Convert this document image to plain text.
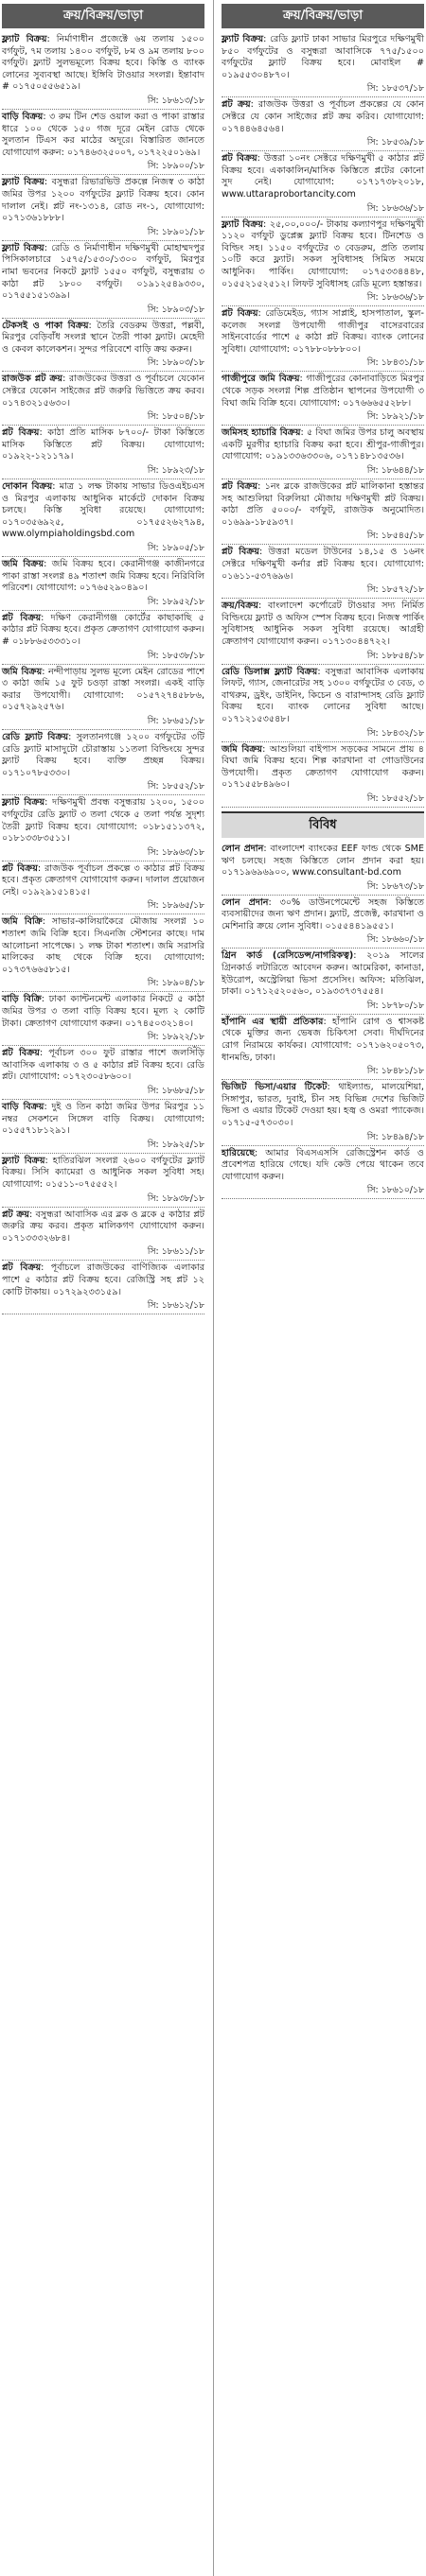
ক্রয়/বিক্রয়/ভাড়া
ফ্ল্যাট বিক্রয়: নির্মাণাধীন প্রজেক্টে ৬য় তলায় ১৫০০ বর্গফুট, ৭ম তলায় ১৪০০ বর্গফুট, ৮ম ও ৯ম তলায় ৮০০ বর্গফুট। ফ্ল্যাট সুলভমূল্যে বিক্রয় হবে। কিস্তি ও ব্যাংক লোনের সুব্যবস্থা আছে। ইঙ্গিবি টাওয়ার সংলগ্ন। ইন্তাবাদ # ০১৭৫০৫৫৬৫১৯।
সি: ১৮৬১৩/১৮
বাড়ি বিক্রয়: ৩ রুম টিন শেড ওয়াল করা ও পাকা রাস্তার ধারে ১০০ থেকে ১৫০ গজ দূরে মেইন রোড থেকে সুলতান টিএস কর মাঠের অদূরে। বিস্তারিত জানতে যোগাযোগ করুন: ০১৭৪৬৩২৫০০৭, ০১৭২২৫০১৬৯।
সি: ১৮৯০০/১৮
ফ্ল্যাট বিক্রয়: বসুন্ধরা রিভারভিউ প্রকল্পে নিজস্ব ৩ কাঠা জমির উপর ১২০০ বর্গফুটের ফ্ল্যাট বিক্রয় হবে। কোন দালাল নেই। প্লট নং-১৩১৪, রোড নং-১, যোগাযোগ: ০১৭১৩৬১৮৮৮।
সি: ১৮৯০১/১৮
ফ্ল্যাট বিক্রয়: রেডি ও নির্মাণাধীন দক্ষিণমুখী মোহাম্মদপুর পিসিকালচারে ১৫৭৫/১৫৩০/১৩০০ বর্গফুট, মিরপুর নামা ভবনের নিকটে ফ্ল্যাট ১৫৫০ বর্গফুট, বসুন্ধরায় ৩ কাঠা প্লট ১৮০০ বর্গফুট। ০১৯১২৫৪৯৩৩০, ০১৭৫৫১৫১৩৯৯।
সি: ১৮৯০৩/১৮
টেকসই ও পাকা বিক্রয়: তৈরি বেডরুম উত্তরা, পল্লবী, মিরপুর বেড়িবাঁধ সংলগ্ন স্থানে তৈরী পাকা ফ্ল্যাট। মেহেদী ও কেবল কালেকশন। সুন্দর পরিবেশে বাড়ি ক্রয় করুন।
সি: ১৮৯০৩/১৮
রাজউক প্লট ক্রয়: রাজউকের উত্তরা ও পূর্বাচলে যেকোন সেক্টরে যেকোন সাইজের প্লট জরুরি ভিত্তিতে ক্রয় করব। ০১৭৪৩২১৫৬৩০।
সি: ১৮৫০৪/১৮
প্লট বিক্রয়: কাঠা প্রতি মাসিক ৮৭০০/- টাকা কিস্তিতে মাসিক কিস্তিতে প্লট বিক্রয়। যোগাযোগ: ০১৯২২-১২১১৭৯।
সি: ১৮৯২৩/১৮
দোকান বিক্রয়: মাত্র ১ লক্ষ টাকায় সাভার ডিওএইচএস ও মিরপুর এলাকায় আধুনিক মার্কেটে দোকান বিক্রয় চলছে। কিস্তি সুবিধা রয়েছে। যোগাযোগ: ০১৭০৩৫৬৯২৫, ০১৭৫৫২৬২৭৯৪, www.olympiaholdingsbd.com
সি: ১৮৯০৫/১৮
জমি বিক্রয়: জমি বিক্রয় হবে। কেরানীগঞ্জ কাজীনগরে পাকা রাস্তা সংলগ্ন ৪৯ শতাংশ জমি বিক্রয় হবে। নিরিবিলি পরিবেশ। যোগাযোগ: ০১৭৬৫২৯০৪৯০।
সি: ১৮৯৫২/১৮
প্লট বিক্রয়: দক্ষিণ কেরানীগঞ্জ কোর্টের কাছাকাছি ৫ কাঠার প্লট বিক্রয় হবে। প্রকৃত ক্রেতাগণ যোগাযোগ করুন। # ০১৮৮৬৫৩৩৩১০।
সি: ১৮৫৩৮/১৮
জমি বিক্রয়: নন্দীপাড়ায় সুলভ মূল্যে মেইন রোডের পাশে ৩ কাঠা জমি ১৫ ফুট চওড়া রাস্তা সংলগ্ন। একই বাড়ি করার উপযোগী। যোগাযোগ: ০১৫৭২৭৪৫৮৮৬, ০১৫৭২৯২৫৭৬।
সি: ১৮৬৫১/১৮
রেডি ফ্ল্যাট বিক্রয়: সুলতানগঞ্জে ১২০০ বর্গফুটের ৩টি রেডি ফ্ল্যাট মাসাদুটো চৌরাস্তায় ১১তলা বিল্ডিংয়ে সুন্দর ফ্ল্যাট বিক্রয় হবে। ব্যক্তি প্রচ্ছন্ন বিক্রয়। ০১৭১০৭৮৫৩৩০।
সি: ১৮৫৫২/১৮
ফ্ল্যাট বিক্রয়: দক্ষিণমুখী প্রবন্ধ বসুন্ধরায় ১২০০, ১৫০০ বর্গফুটের রেডি ফ্ল্যাট ৩ তলা থেকে ৫ তলা পর্যন্ত সুদৃশ্য তৈরী ফ্ল্যাট বিক্রয় হবে। যোগাযোগ: ০১৮১৫১১৩৭২, ০১৮১৩৩৮৩৫১১।
সি: ১৮৯৬৩/১৮
প্লট বিক্রয়: রাজউক পূর্বাচল প্রকল্পে ৩ কাঠার প্লট বিক্রয় হবে। প্রকৃত ক্রেতাগণ যোগাযোগ করুন। দালাল প্রয়োজন নেই। ০১৯২৯১৫১৪১৫।
সি: ১৮৯৬৫/১৮
জমি বিক্রি: সাভার-কালিয়াকৈরে মৌজায় সংলগ্ন ১০ শতাংশ জমি বিক্রি হবে। সিএনজি স্টেশনের কাছে। দাম আলোচনা সাপেক্ষে। ১ লক্ষ টাকা শতাংশ। জমি সরাসরি মালিকের কাছ থেকে বিক্রি হবে। যোগাযোগ: ০১৭৩৭৬৬৫৮১৫।
সি: ১৮৯০৪/১৮
বাড়ি বিক্রি: ঢাকা ক্যান্টনমেন্ট এলাকার নিকটে ৫ কাঠা জমির উপর ৩ তলা বাড়ি বিক্রয় হবে। মূল্য ২ কোটি টাকা। ক্রেতাগণ যোগাযোগ করুন। ০১৭৪৫০৩২১৪০।
সি: ১৮৯২২/১৮
প্লট বিক্রয়: পূর্বাচল ৩০০ ফুট রাস্তার পাশে জলসিঁড়ি আবাসিক এলাকায় ৩ ও ৫ কাঠার প্লট বিক্রয় হবে। রেডি প্লট। যোগাযোগ: ০১৭২৩০৫৮৬০০।
সি: ১৮৬৮৫/১৮
বাড়ি বিক্রয়: দুই ও তিন কাঠা জমির উপর মিরপুর ১১ নম্বর সেকশনে সিঙ্গেল বাড়ি বিক্রয়। যোগাযোগ: ০১৫৫৭১৮১২৯১।
সি: ১৮৯২৫/১৮
ফ্ল্যাট বিক্রয়: হাতিরঝিল সংলগ্ন ২৬০০ বর্গফুটের ফ্ল্যাট বিক্রয়। সিসি ক্যামেরা ও আধুনিক সকল সুবিধা সহ। যোগাযোগ: ০১৫১১-০৭৫৫৫২।
সি: ১৮৯৩৮/১৮
প্লট ক্রয়: বসুন্ধরা আবাসিক এর ব্লক ও ব্লকে ৫ কাঠার প্লট জরুরি ক্রয় করব। প্রকৃত মালিকগণ যোগাযোগ করুন। ০১৭১৩৩৩২৬৮৪।
সি: ১৮৬১১/১৮
প্লট বিক্রয়: পূর্বাচলে রাজউকের বাণিজ্যিক এলাকার পাশে ৫ কাঠার প্লট বিক্রয় হবে। রেজিস্ট্রি সহ প্লট ১২ কোটি টাকায়। ০১৭২৯২৩৩১৫৯।
সি: ১৮৬১২/১৮
ক্রয়/বিক্রয়/ভাড়া
ফ্ল্যাট বিক্রয়: রেডি ফ্ল্যাট ঢাকা সাভার মিরপুরে দক্ষিণমুখী ৮৫০ বর্গফুটের ও বসুন্ধরা আবাসিকে ৭৭৫/১৫০০ বর্গফুটের ফ্ল্যাট বিক্রয় হবে। মোবাইল # ০১৯৫৫৩০৪৮৭০।
সি: ১৮৫৩৭/১৮
প্লট ক্রয়: রাজউক উত্তরা ও পূর্বাচল প্রকল্পের যে কোন সেক্টরে যে কোন সাইজের প্লট ক্রয় করিব। যোগাযোগ: ০১৭৪৪৬৪৫৬৪।
সি: ১৮৫৩৯/১৮
প্লট বিক্রয়: উত্তরা ১০নং সেক্টরে দক্ষিণমুখী ৫ কাঠার প্লট বিক্রয় হবে। একাকালিন/মাসিক কিস্তিতে প্লটের কোনো সুদ নেই। যোগাযোগ: ০১৭১৭৩৮২০১৮, www.uttaraprobortancity.com
সি: ১৮৬৩৬/১৮
ফ্ল্যাট বিক্রয়: ২৫,০০,০০০/- টাকায় কল্যাণপুর দক্ষিণমুখী ১১২০ বর্গফুট ডুপ্লেক্স ফ্ল্যাট বিক্রয় হবে। টিনশেড ও বিল্ডিং সহ। ১১৫০ বর্গফুটের ৩ বেডরুম, প্রতি তলায় ১০টি করে ফ্ল্যাট। সকল সুবিধাসহ সিমিত সময়ে আধুনিক। পার্কিং। যোগাযোগ: ০১৭৫৩৩৪৪৪৮, ০১৫৫২১৫২৫১২। লিফট সুবিধাসহ রেডি মূল্যে হস্তান্তর।
সি: ১৮৬৩৬/১৮
প্লট বিক্রয়: রেডিমেইড, গ্যাস সাপ্লাই, হাসপাতাল, স্কুল-কলেজ সংলগ্ন উপযোগী গাজীপুর বাসেরবারের সাইনবোর্ডের পাশে ৫ কাঠা প্লট বিক্রয়। ব্যাংক লোনের সুবিধা। যোগাযোগ: ০১৭৮৮০৮৮৮০০।
সি: ১৮৪৩১/১৮
গাজীপুরে জমি বিক্রয়: গাজীপুরের কোনাবাড়িতে মিরপুর থেকে সড়ক সংলগ্ন শিল্প প্রতিষ্ঠান স্থাপনের উপযোগী ৩ বিঘা জমি বিক্রি হবে। যোগাযোগ: ০১৭৬৬৬৫৫২৮৮।
সি: ১৮৯২১/১৮
জমিসহ হ্যাচারি বিক্রয়: ৫ বিঘা জমির উপর চালু অবস্থায় একটি মুরগীর হ্যাচারি বিক্রয় করা হবে। শ্রীপুর-গাজীপুর। যোগাযোগ: ০১৯১৩৩৬৩৩০৬, ০১৭১৪৮১৩৫৩৬।
সি: ১৮৬৪৪/১৮
প্লট বিক্রয়: ১নং ব্লকে রাজউকের প্লট মালিকানা হস্তান্তর সহ আশুলিয়া বিরুলিয়া মৌজায় দক্ষিণমুখী প্লট বিক্রয়। কাঠা প্রতি ৫০০০/- বর্গফুট, রাজউক অনুমোদিত। ০১৬৯৯-১৮৫৯৩৭।
সি: ১৮৫৪৫/১৮
প্লট বিক্রয়: উত্তরা মডেল টাউনের ১৪,১৫ ও ১৬নং সেক্টরে দক্ষিণমুখী কর্নার প্লট বিক্রয় হবে। যোগাযোগ: ০১৬১১-৫৩৭৬৯৬।
সি: ১৮৫৭২/১৮
ক্রয়/বিক্রয়: বাংলাদেশ কর্পোরেট টাওয়ার সদ্য নির্মিত বিল্ডিংয়ে ফ্ল্যাট ও অফিস স্পেস বিক্রয় হবে। নিজস্ব পার্কিং সুবিধাসহ আধুনিক সকল সুবিধা রয়েছে। আগ্রহী ক্রেতাগণ যোগাযোগ করুন। ০১৭১৩০৪৪৭২২।
সি: ১৮৮৫৪/১৮
রেডি ডিলাক্স ফ্ল্যাট বিক্রয়: বসুন্ধরা আবাসিক এলাকায় লিফট, গ্যাস, জেনারেটর সহ ১৩০০ বর্গফুটের ৩ বেড, ৩ বাথরুম, ড্রইং, ডাইনিং, কিচেন ও বারান্দাসহ রেডি ফ্ল্যাট বিক্রয় হবে। ব্যাংক লোনের সুবিধা আছে। ০১৭১২১৫৩৫৪৮।
সি: ১৮৪৩২/১৮
জমি বিক্রয়: আশুলিয়া বাইপাস সড়কের সামনে প্রায় ৪ বিঘা জমি বিক্রয় হবে। শিল্প কারখানা বা গোডাউনের উপযোগী। প্রকৃত ক্রেতাগণ যোগাযোগ করুন। ০১৭১৫৫৮৪৯৬০।
সি: ১৮৫৫২/১৮
বিবিধ
লোন প্রদান: বাংলাদেশ ব্যাংকের EEF ফান্ড থেকে SME ঋণ চলছে। সহজ কিস্তিতে লোন প্রদান করা হয়। ০১৭১৯৬৯৬৯০০, www.consultant-bd.com
সি: ১৮৬৭৩/১৮
লোন প্রদান: ৩০% ডাউনপেমেন্টে সহজ কিস্তিতে ব্যবসায়ীদের জন্য ঋণ প্রদান। ফ্ল্যাট, প্রজেক্ট, কারখানা ও মেশিনারি ক্রয়ে লোন সুবিধা। ০১৫৫৪৪১৯৫৫১।
সি: ১৮৬৬০/১৮
গ্রিন কার্ড (রেসিডেন্স/নাগরিকত্ব): ২০১৯ সালের গ্রিনকার্ড লটারিতে আবেদন করুন। আমেরিকা, কানাডা, ইউরোপ, অস্ট্রেলিয়া ভিসা প্রসেসিং। অফিস: মতিঝিল, ঢাকা। ০১৭১২৫২০৫৬০, ০১৯৩৩৭৩৭৫৫৪।
সি: ১৮৭৮০/১৮
হাঁপানি এর স্থায়ী প্রতিকার: হাঁপানি রোগ ও শ্বাসকষ্ট থেকে মুক্তির জন্য ভেষজ চিকিৎসা সেবা। দীর্ঘদিনের রোগ নিরাময়ে কার্যকর। যোগাযোগ: ০১৭১৬২০৫০৭৩, ধানমন্ডি, ঢাকা।
সি: ১৮৪৮১/১৮
ভিজিট ভিসা/এয়ার টিকেট: থাইল্যান্ড, মালয়েশিয়া, সিঙ্গাপুর, ভারত, দুবাই, চীন সহ বিভিন্ন দেশের ভিজিট ভিসা ও এয়ার টিকেট দেওয়া হয়। হজ্ব ও ওমরা প্যাকেজ। ০১৭১৫-৫৭৩০৩০।
সি: ১৮৪৯৪/১৮
হারিয়েছে: আমার বিএসএসসি রেজিস্ট্রেশন কার্ড ও প্রবেশপত্র হারিয়ে গেছে। যদি কেউ পেয়ে থাকেন তবে যোগাযোগ করুন।
সি: ১৮৬১০/১৮
